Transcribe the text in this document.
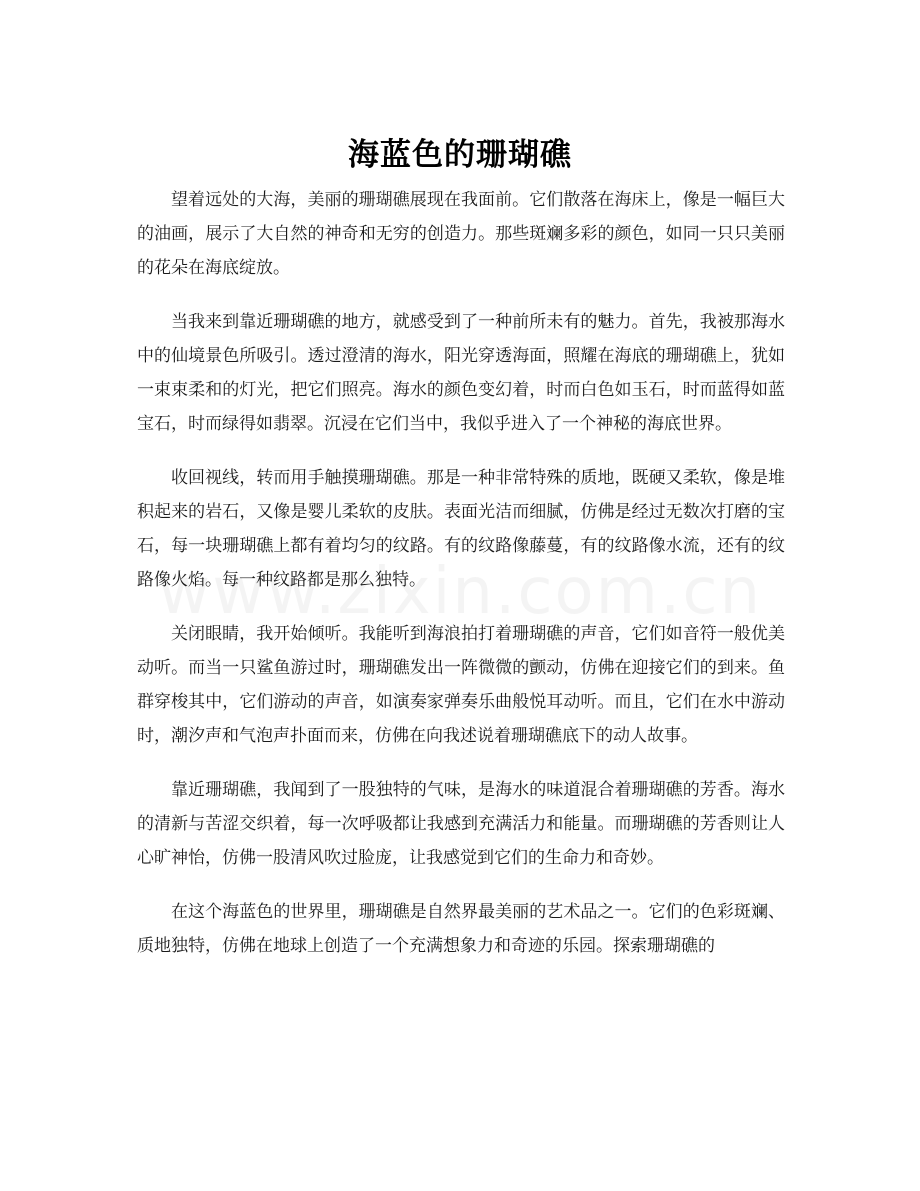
海蓝色的珊瑚礁

望着远处的大海，美丽的珊瑚礁展现在我面前。它们散落在海床上，像是一幅巨大的油画，展示了大自然的神奇和无穷的创造力。那些斑斓多彩的颜色，如同一只只美丽的花朵在海底绽放。

当我来到靠近珊瑚礁的地方，就感受到了一种前所未有的魅力。首先，我被那海水中的仙境景色所吸引。透过澄清的海水，阳光穿透海面，照耀在海底的珊瑚礁上，犹如一束束柔和的灯光，把它们照亮。海水的颜色变幻着，时而白色如玉石，时而蓝得如蓝宝石，时而绿得如翡翠。沉浸在它们当中，我似乎进入了一个神秘的海底世界。

收回视线，转而用手触摸珊瑚礁。那是一种非常特殊的质地，既硬又柔软，像是堆积起来的岩石，又像是婴儿柔软的皮肤。表面光洁而细腻，仿佛是经过无数次打磨的宝石，每一块珊瑚礁上都有着均匀的纹路。有的纹路像藤蔓，有的纹路像水流，还有的纹路像火焰。每一种纹路都是那么独特。

关闭眼睛，我开始倾听。我能听到海浪拍打着珊瑚礁的声音，它们如音符一般优美动听。而当一只鲨鱼游过时，珊瑚礁发出一阵微微的颤动，仿佛在迎接它们的到来。鱼群穿梭其中，它们游动的声音，如演奏家弹奏乐曲般悦耳动听。而且，它们在水中游动时，潮汐声和气泡声扑面而来，仿佛在向我述说着珊瑚礁底下的动人故事。

靠近珊瑚礁，我闻到了一股独特的气味，是海水的味道混合着珊瑚礁的芳香。海水的清新与苦涩交织着，每一次呼吸都让我感到充满活力和能量。而珊瑚礁的芳香则让人心旷神怡，仿佛一股清风吹过脸庞，让我感觉到它们的生命力和奇妙。

在这个海蓝色的世界里，珊瑚礁是自然界最美丽的艺术品之一。它们的色彩斑斓、质地独特，仿佛在地球上创造了一个充满想象力和奇迹的乐园。探索珊瑚礁的
